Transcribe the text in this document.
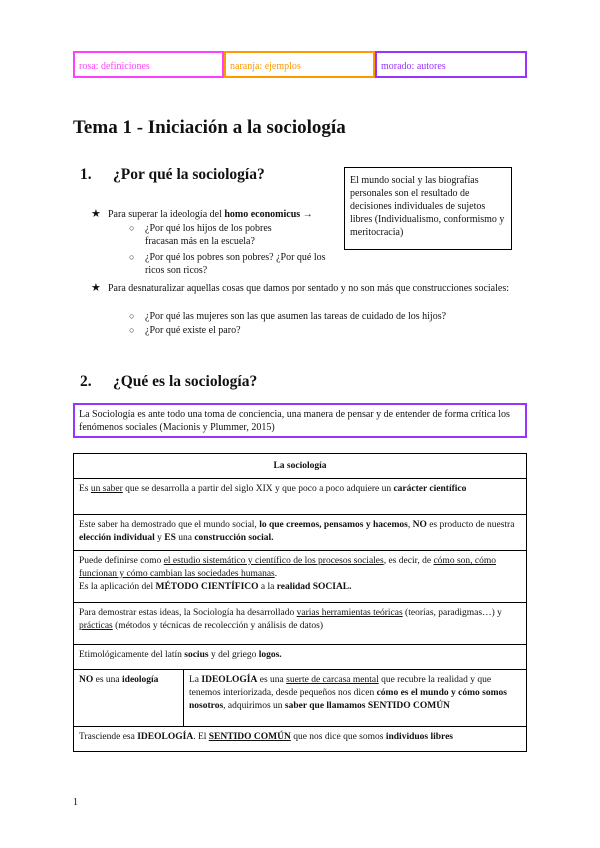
rosa: definiciones	naranja: ejemplos	morado: autores
Tema 1 - Iniciación a la sociología
1. ¿Por qué la sociología?	El mundo social y las biografías personales son el resultado de decisiones individuales de sujetos libres (Individualismo, conformismo y meritocracia)
★ Para superar la ideología del homo economicus →
○ ¿Por qué los hijos de los pobres fracasan más en la escuela?
○ ¿Por qué los pobres son pobres? ¿Por qué los ricos son ricos?
★ Para desnaturalizar aquellas cosas que damos por sentado y no son más que construcciones sociales:
○ ¿Por qué las mujeres son las que asumen las tareas de cuidado de los hijos?
○ ¿Por qué existe el paro?
2. ¿Qué es la sociología?
La Sociología es ante todo una toma de conciencia, una manera de pensar y de entender de forma crítica los fenómenos sociales (Macionis y Plummer, 2015)
La sociología
Es un saber que se desarrolla a partir del siglo XIX y que poco a poco adquiere un carácter científico
Este saber ha demostrado que el mundo social, lo que creemos, pensamos y hacemos, NO es producto de nuestra elección individual y ES una construcción social.
Puede definirse como el estudio sistemático y científico de los procesos sociales, es decir, de cómo son, cómo funcionan y cómo cambian las sociedades humanas.
Es la aplicación del MÉTODO CIENTÍFICO a la realidad SOCIAL.
Para demostrar estas ideas, la Sociología ha desarrollado varias herramientas teóricas (teorías, paradigmas…) y prácticas (métodos y técnicas de recolección y análisis de datos)
Etimológicamente del latín socius y del griego logos.
NO es una ideología	La IDEOLOGÍA es una suerte de carcasa mental que recubre la realidad y que tenemos interiorizada, desde pequeños nos dicen cómo es el mundo y cómo somos nosotros, adquirimos un saber que llamamos SENTIDO COMÚN
Trasciende esa IDEOLOGÍA. El SENTIDO COMÚN que nos dice que somos individuos libres
1
